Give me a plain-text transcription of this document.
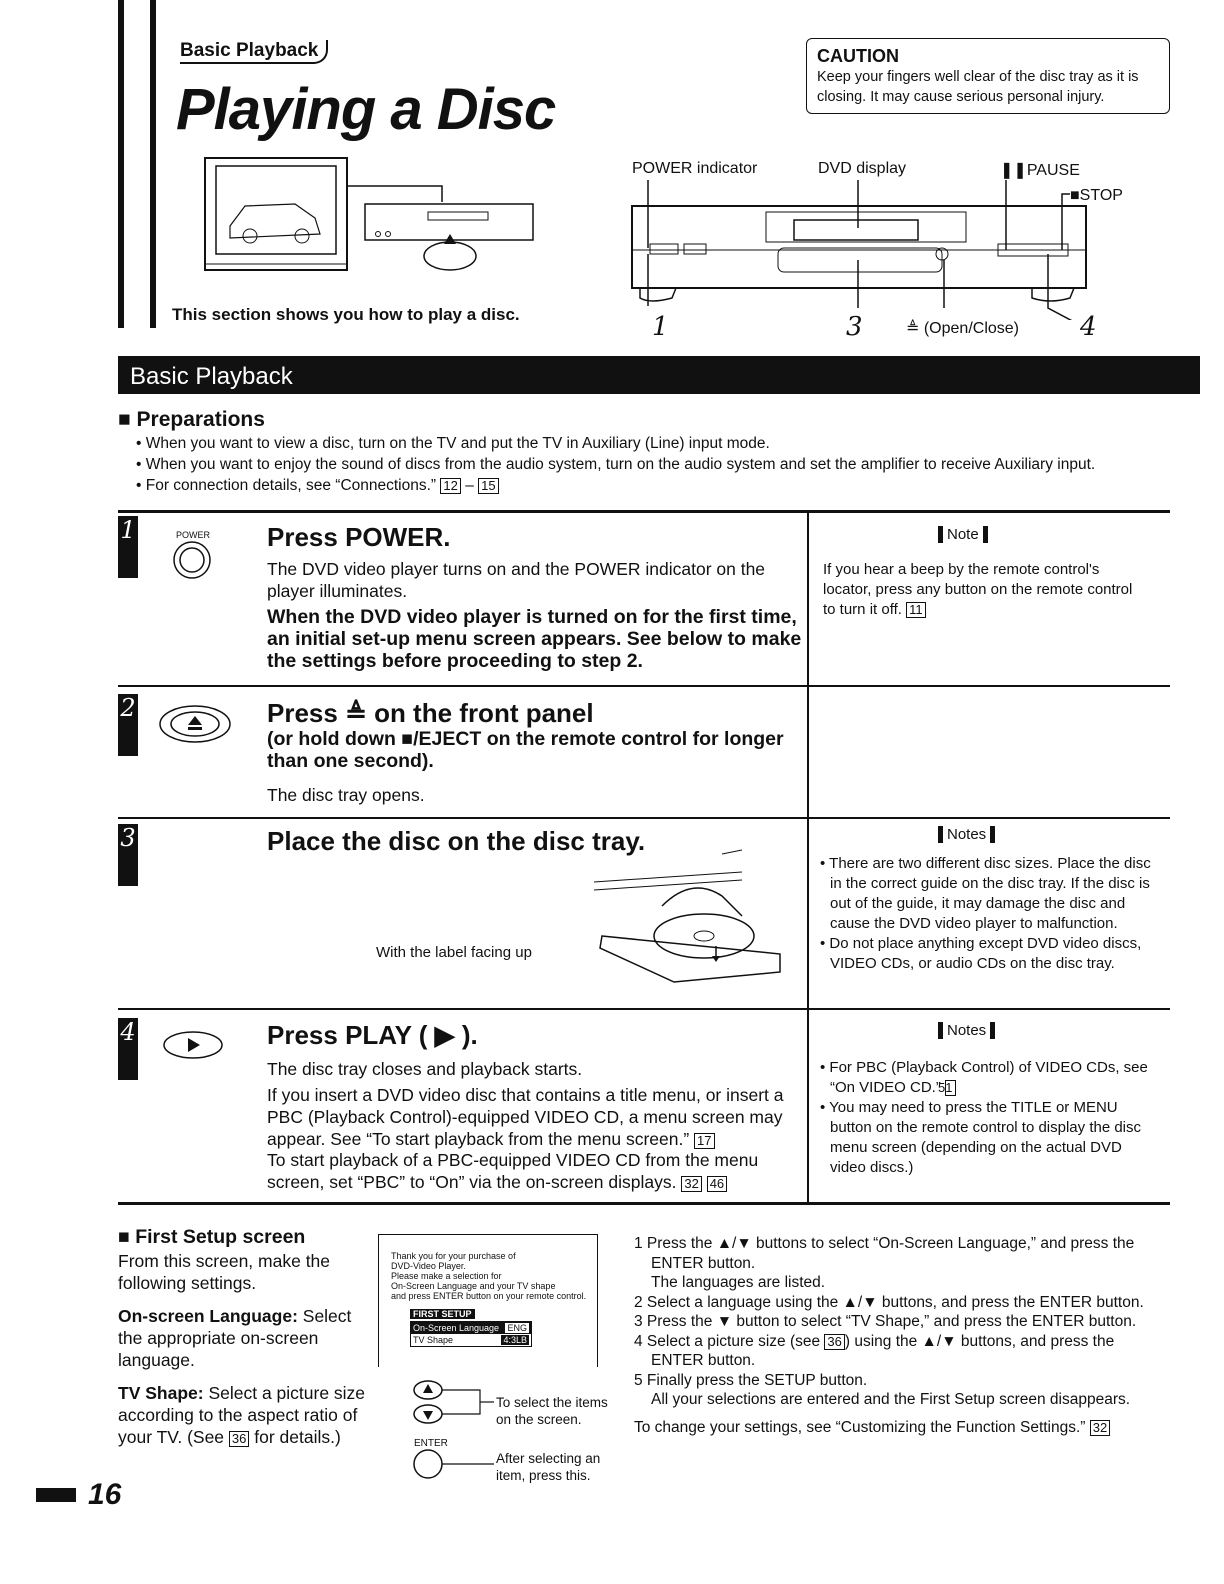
Basic Playback
Playing a Disc
CAUTION
Keep your fingers well clear of the disc tray as it is
closing. It may cause serious personal injury.
This section shows you how to play a disc.
POWER indicator	DVD display	❚❚PAUSE
■STOP
1	3	≜ (Open/Close) 4
Basic Playback
■ Preparations
• When you want to view a disc, turn on the TV and put the TV in Auxiliary (Line) input mode.
• When you want to enjoy the sound of discs from the audio system, turn on the audio system and set the amplifier to receive Auxiliary input.
• For connection details, see “Connections.” 12 – 15
1	POWER Press POWER.
The DVD video player turns on and the POWER indicator on the player illuminates.
When the DVD video player is turned on for the first time, an initial set-up menu screen appears. See below to make the settings before proceeding to step 2.
Note
If you hear a beep by the remote control's locator, press any button on the remote control to turn it off. 11
2	Press ≜ on the front panel
(or hold down ■/EJECT on the remote control for longer than one second).
The disc tray opens.
3	Place the disc on the disc tray.
With the label facing up
Notes
• There are two different disc sizes. Place the disc in the correct guide on the disc tray. If the disc is out of the guide, it may damage the disc and cause the DVD video player to malfunction.
• Do not place anything except DVD video discs, VIDEO CDs, or audio CDs on the disc tray.
4	Press PLAY ( ▶ ).
The disc tray closes and playback starts.
If you insert a DVD video disc that contains a title menu, or insert a PBC (Playback Control)-equipped VIDEO CD, a menu screen may appear. See “To start playback from the menu screen.” 17
To start playback of a PBC-equipped VIDEO CD from the menu screen, set “PBC” to “On” via the on-screen displays. 32 46
Notes
• For PBC (Playback Control) of VIDEO CDs, see “On VIDEO CD.” 51
• You may need to press the TITLE or MENU button on the remote control to display the disc menu screen (depending on the actual DVD video discs.)
■ First Setup screen
From this screen, make the following settings.
On-screen Language: Select the appropriate on-screen language.
TV Shape: Select a picture size according to the aspect ratio of your TV. (See 36 for details.)
Thank you for your purchase of
DVD-Video Player.
Please make a selection for
On-Screen Language and your TV shape
and press ENTER button on your remote control.
FIRST SETUP
On-Screen Language ENG
TV Shape	4:3LB
To select the items on the screen.
ENTER
After selecting an item, press this.
1 Press the ▲/▼ buttons to select “On-Screen Language,” and press the
ENTER button.
The languages are listed.
2 Select a language using the ▲/▼ buttons, and press the ENTER button.
3 Press the ▼ button to select “TV Shape,” and press the ENTER button.
4 Select a picture size (see 36 ) using the ▲/▼ buttons, and press the
ENTER button.
5 Finally press the SETUP button.
All your selections are entered and the First Setup screen disappears.
To change your settings, see “Customizing the Function Settings.” 32
16
